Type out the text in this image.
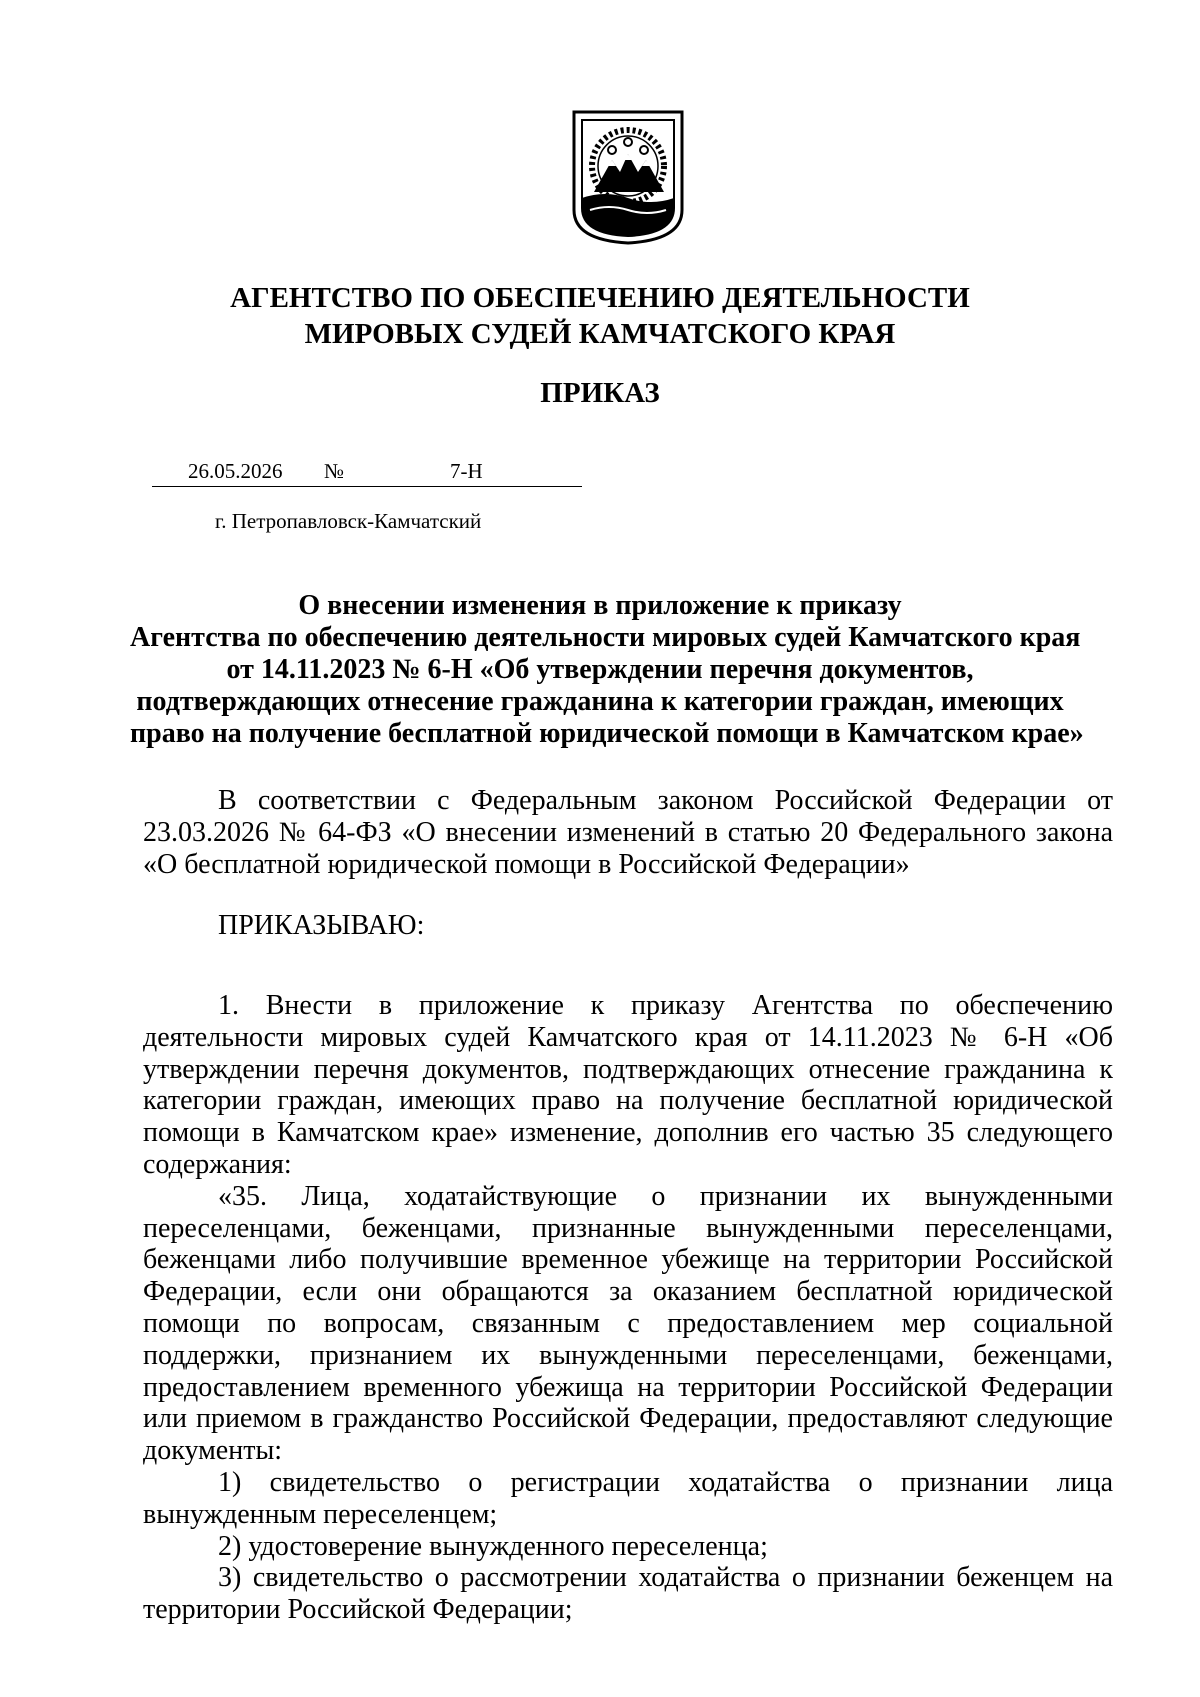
АГЕНТСТВО ПО ОБЕСПЕЧЕНИЮ ДЕЯТЕЛЬНОСТИ
МИРОВЫХ СУДЕЙ КАМЧАТСКОГО КРАЯ
ПРИКАЗ
26.05.2026 №	7-Н
г. Петропавловск-Камчатский
О внесении изменения в приложение к приказу
Агентства по обеспечению деятельности мировых судей Камчатского края
от 14.11.2023 № 6-Н «Об утверждении перечня документов,
подтверждающих отнесение гражданина к категории граждан, имеющих
право на получение бесплатной юридической помощи в Камчатском крае»

В соответствии с Федеральным законом Российской Федерации от 23.03.2026 № 64-ФЗ «О внесении изменений в статью 20 Федерального закона «О бесплатной юридической помощи в Российской Федерации»

ПРИКАЗЫВАЮ:

1. Внести в приложение к приказу Агентства по обеспечению деятельности мировых судей Камчатского края от 14.11.2023 № 6-Н «Об утверждении перечня документов, подтверждающих отнесение гражданина к категории граждан, имеющих право на получение бесплатной юридической помощи в Камчатском крае» изменение, дополнив его частью 35 следующего содержания:

«35. Лица, ходатайствующие о признании их вынужденными переселенцами, беженцами, признанные вынужденными переселенцами, беженцами либо получившие временное убежище на территории Российской Федерации, если они обращаются за оказанием бесплатной юридической помощи по вопросам, связанным с предоставлением мер социальной поддержки, признанием их вынужденными переселенцами, беженцами, предоставлением временного убежища на территории Российской Федерации или приемом в гражданство Российской Федерации, предоставляют следующие документы:

1) свидетельство о регистрации ходатайства о признании лица вынужденным переселенцем;

2) удостоверение вынужденного переселенца;

3) свидетельство о рассмотрении ходатайства о признании беженцем на территории Российской Федерации;
